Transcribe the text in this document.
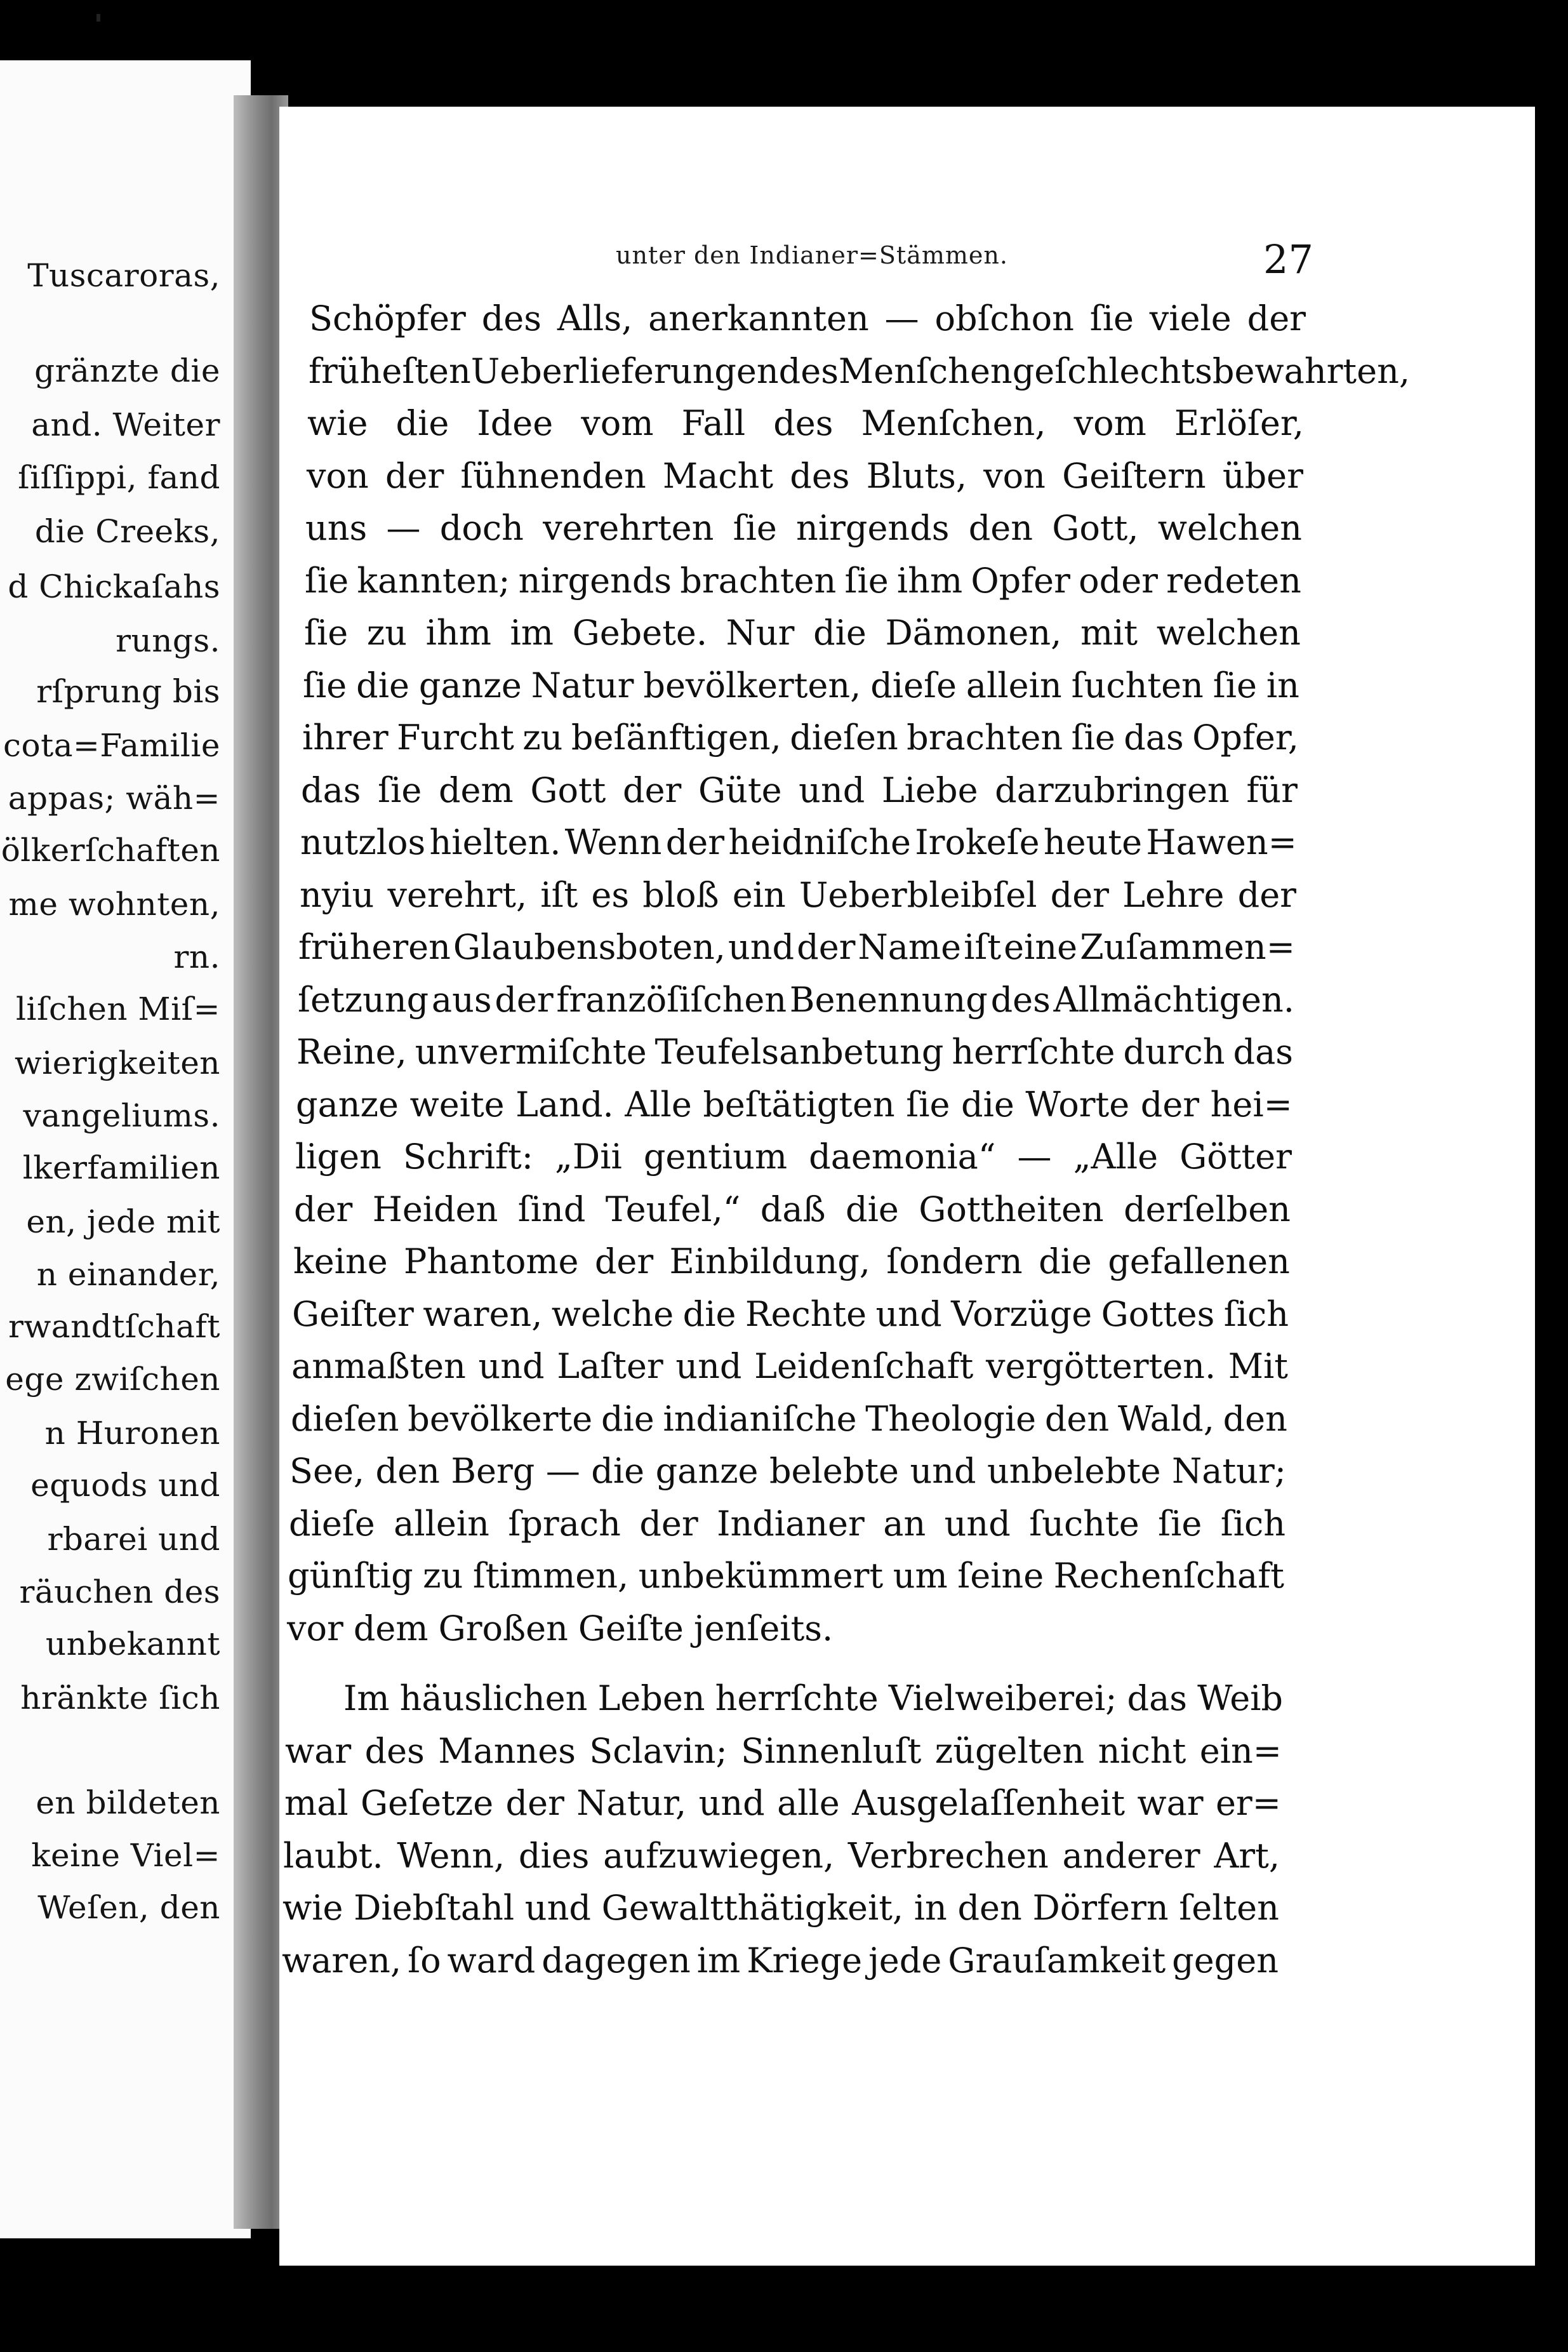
Tuscaroras,
gränzte die
and. Weiter
ſiſſippi, fand
die Creeks,
d Chickaſahs
rungs.
rſprung bis
cota=Familie
appas; wäh=
ölkerſchaften
me wohnten,
rn.
liſchen Miſ=
wierigkeiten
vangeliums.
lkerfamilien
en, jede mit
n einander,
rwandtſchaft
ege zwiſchen
n Huronen
equods und
rbarei und
räuchen des
unbekannt
hränkte ſich
en bildeten
keine Viel=
Weſen, den
unter den Indianer=Stämmen.	27
Schöpfer des Alls, anerkannten — obſchon ſie viele der
früheſten Ueberlieferungen des Menſchengeſchlechts bewahrten,
wie die Idee vom Fall des Menſchen, vom Erlöſer,
von der ſühnenden Macht des Bluts, von Geiſtern über
uns — doch verehrten ſie nirgends den Gott, welchen
ſie kannten; nirgends brachten ſie ihm Opfer oder redeten
ſie zu ihm im Gebete. Nur die Dämonen, mit welchen
ſie die ganze Natur bevölkerten, dieſe allein ſuchten ſie in
ihrer Furcht zu beſänftigen, dieſen brachten ſie das Opfer,
das ſie dem Gott der Güte und Liebe darzubringen für
nutzlos hielten. Wenn der heidniſche Irokeſe heute Hawen=
nyiu verehrt, iſt es bloß ein Ueberbleibſel der Lehre der
früheren Glaubensboten, und der Name iſt eine Zuſammen=
ſetzung aus der franzöſiſchen Benennung des Allmächtigen.
Reine, unvermiſchte Teufelsanbetung herrſchte durch das
ganze weite Land. Alle beſtätigten ſie die Worte der hei=
ligen Schrift: „Dii gentium daemonia“ — „Alle Götter
der Heiden ſind Teufel,“ daß die Gottheiten derſelben
keine Phantome der Einbildung, ſondern die gefallenen
Geiſter waren, welche die Rechte und Vorzüge Gottes ſich
anmaßten und Laſter und Leidenſchaft vergötterten. Mit
dieſen bevölkerte die indianiſche Theologie den Wald, den
See, den Berg — die ganze belebte und unbelebte Natur;
dieſe allein ſprach der Indianer an und ſuchte ſie ſich
günſtig zu ſtimmen, unbekümmert um ſeine Rechenſchaft
vor dem Großen Geiſte jenſeits.
Im häuslichen Leben herrſchte Vielweiberei; das Weib
war des Mannes Sclavin; Sinnenluſt zügelten nicht ein=
mal Geſetze der Natur, und alle Ausgelaſſenheit war er=
laubt. Wenn, dies aufzuwiegen, Verbrechen anderer Art,
wie Diebſtahl und Gewaltthätigkeit, in den Dörfern ſelten
waren, ſo ward dagegen im Kriege jede Grauſamkeit gegen
